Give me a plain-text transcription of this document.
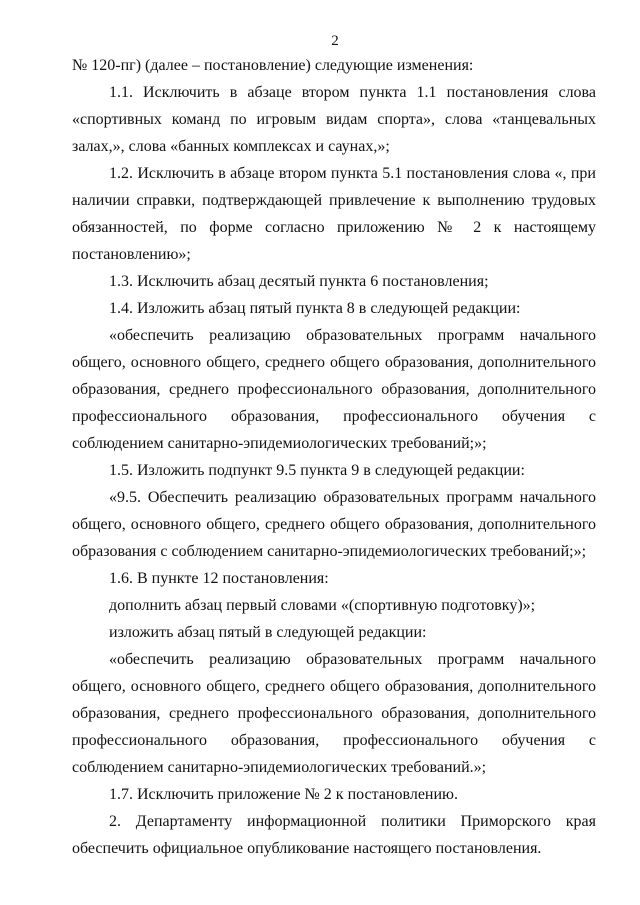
2

№ 120-пг) (далее – постановление) следующие изменения:

1.1. Исключить в абзаце втором пункта 1.1 постановления слова «спортивных команд по игровым видам спорта», слова «танцевальных залах,», слова «банных комплексах и саунах,»;

1.2. Исключить в абзаце втором пункта 5.1 постановления слова «, при наличии справки, подтверждающей привлечение к выполнению трудовых обязанностей, по форме согласно приложению № 2 к настоящему постановлению»;

1.3. Исключить абзац десятый пункта 6 постановления;

1.4. Изложить абзац пятый пункта 8 в следующей редакции:

«обеспечить реализацию образовательных программ начального общего, основного общего, среднего общего образования, дополнительного образования, среднего профессионального образования, дополнительного профессионального образования, профессионального обучения с соблюдением санитарно-эпидемиологических требований;»;

1.5. Изложить подпункт 9.5 пункта 9 в следующей редакции:

«9.5. Обеспечить реализацию образовательных программ начального общего, основного общего, среднего общего образования, дополнительного образования с соблюдением санитарно-эпидемиологических требований;»;

1.6. В пункте 12 постановления:

дополнить абзац первый словами «(спортивную подготовку)»;

изложить абзац пятый в следующей редакции:

«обеспечить реализацию образовательных программ начального общего, основного общего, среднего общего образования, дополнительного образования, среднего профессионального образования, дополнительного профессионального образования, профессионального обучения с соблюдением санитарно-эпидемиологических требований.»;

1.7. Исключить приложение № 2 к постановлению.

2. Департаменту информационной политики Приморского края обеспечить официальное опубликование настоящего постановления.
